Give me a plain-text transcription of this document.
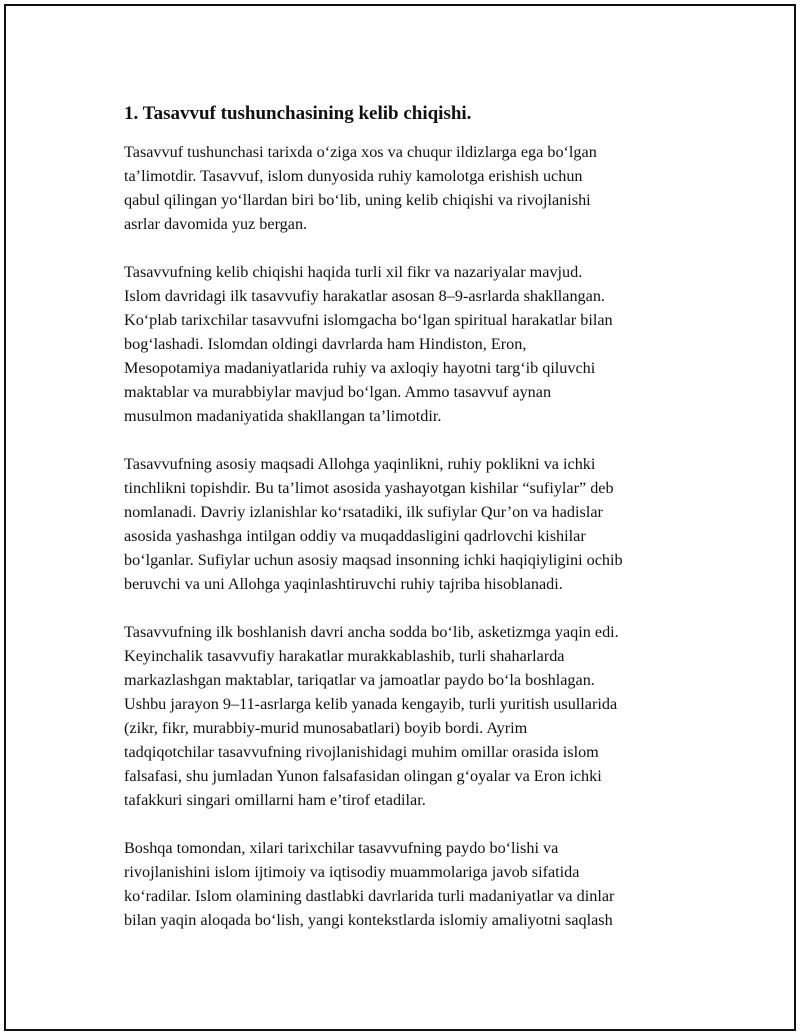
1. Tasavvuf tushunchasining kelib chiqishi.

Tasavvuf tushunchasi tarixda o‘ziga xos va chuqur ildizlarga ega bo‘lgan
ta’limotdir. Tasavvuf, islom dunyosida ruhiy kamolotga erishish uchun
qabul qilingan yo‘llardan biri bo‘lib, uning kelib chiqishi va rivojlanishi
asrlar davomida yuz bergan.

Tasavvufning kelib chiqishi haqida turli xil fikr va nazariyalar mavjud.
Islom davridagi ilk tasavvufiy harakatlar asosan 8–9-asrlarda shakllangan.
Ko‘plab tarixchilar tasavvufni islomgacha bo‘lgan spiritual harakatlar bilan
bog‘lashadi. Islomdan oldingi davrlarda ham Hindiston, Eron,
Mesopotamiya madaniyatlarida ruhiy va axloqiy hayotni targ‘ib qiluvchi
maktablar va murabbiylar mavjud bo‘lgan. Ammo tasavvuf aynan
musulmon madaniyatida shakllangan ta’limotdir.

Tasavvufning asosiy maqsadi Allohga yaqinlikni, ruhiy poklikni va ichki
tinchlikni topishdir. Bu ta’limot asosida yashayotgan kishilar “sufiylar” deb
nomlanadi. Davriy izlanishlar ko‘rsatadiki, ilk sufiylar Qur’on va hadislar
asosida yashashga intilgan oddiy va muqaddasligini qadrlovchi kishilar
bo‘lganlar. Sufiylar uchun asosiy maqsad insonning ichki haqiqiyligini ochib
beruvchi va uni Allohga yaqinlashtiruvchi ruhiy tajriba hisoblanadi.

Tasavvufning ilk boshlanish davri ancha sodda bo‘lib, asketizmga yaqin edi.
Keyinchalik tasavvufiy harakatlar murakkablashib, turli shaharlarda
markazlashgan maktablar, tariqatlar va jamoatlar paydo bo‘la boshlagan.
Ushbu jarayon 9–11-asrlarga kelib yanada kengayib, turli yuritish usullarida
(zikr, fikr, murabbiy-murid munosabatlari) boyib bordi. Ayrim
tadqiqotchilar tasavvufning rivojlanishidagi muhim omillar orasida islom
falsafasi, shu jumladan Yunon falsafasidan olingan g‘oyalar va Eron ichki
tafakkuri singari omillarni ham e’tirof etadilar.

Boshqa tomondan, xilari tarixchilar tasavvufning paydo bo‘lishi va
rivojlanishini islom ijtimoiy va iqtisodiy muammolariga javob sifatida
ko‘radilar. Islom olamining dastlabki davrlarida turli madaniyatlar va dinlar
bilan yaqin aloqada bo‘lish, yangi kontekstlarda islomiy amaliyotni saqlash
